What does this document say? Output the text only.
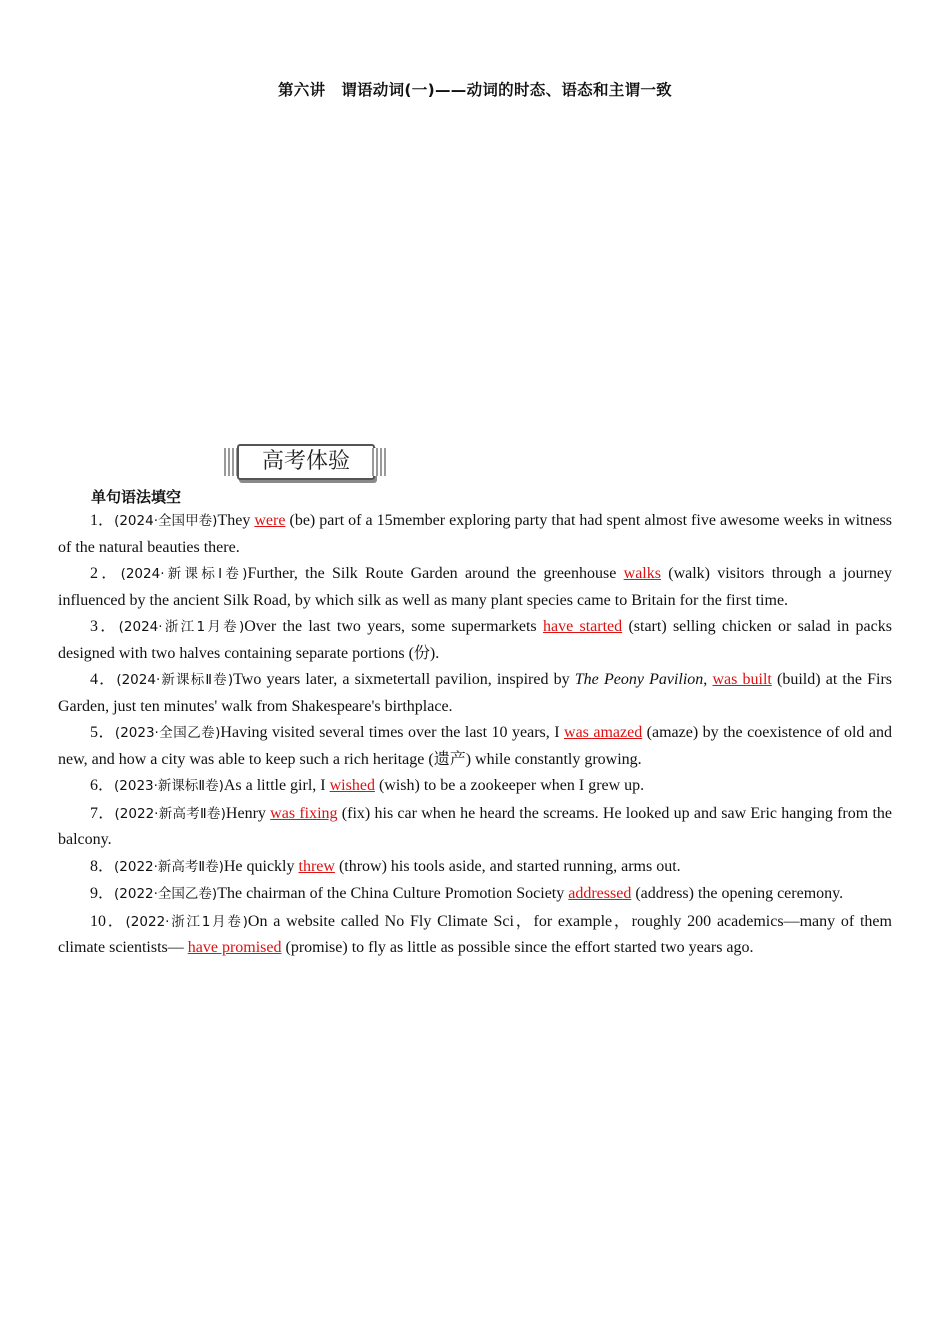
第六讲　谓语动词(一)——动词的时态、语态和主谓一致
高考体验
单句语法填空

1．(2024·全国甲卷)They were (be) part of a 15member exploring party that had spent almost five awesome weeks in witness of the natural beauties there.

2．(2024·新课标Ⅰ卷)Further, the Silk Route Garden around the greenhouse walks (walk) visitors through a journey influenced by the ancient Silk Road, by which silk as well as many plant species came to Britain for the first time.

3．(2024·浙江1月卷)Over the last two years, some supermarkets have started (start) selling chicken or salad in packs designed with two halves containing separate portions (份).

4．(2024·新课标Ⅱ卷)Two years later, a sixmetertall pavilion, inspired by The Peony Pavilion, was built (build) at the Firs Garden, just ten minutes' walk from Shakespeare's birthplace.

5．(2023·全国乙卷)Having visited several times over the last 10 years, I was amazed (amaze) by the coexistence of old and new, and how a city was able to keep such a rich heritage (遗产) while constantly growing.

6．(2023·新课标Ⅱ卷)As a little girl, I wished (wish) to be a zookeeper when I grew up.

7．(2022·新高考Ⅱ卷)Henry was fixing (fix) his car when he heard the screams. He looked up and saw Eric hanging from the balcony.

8．(2022·新高考Ⅱ卷)He quickly threw (throw) his tools aside, and started running, arms out.

9．(2022·全国乙卷)The chairman of the China Culture Promotion Society addressed (address) the opening ceremony.

10．(2022·浙江1月卷)On a website called No Fly Climate Sci，for example，roughly 200 academics—many of them climate scientists— have promised (promise) to fly as little as possible since the effort started two years ago.
